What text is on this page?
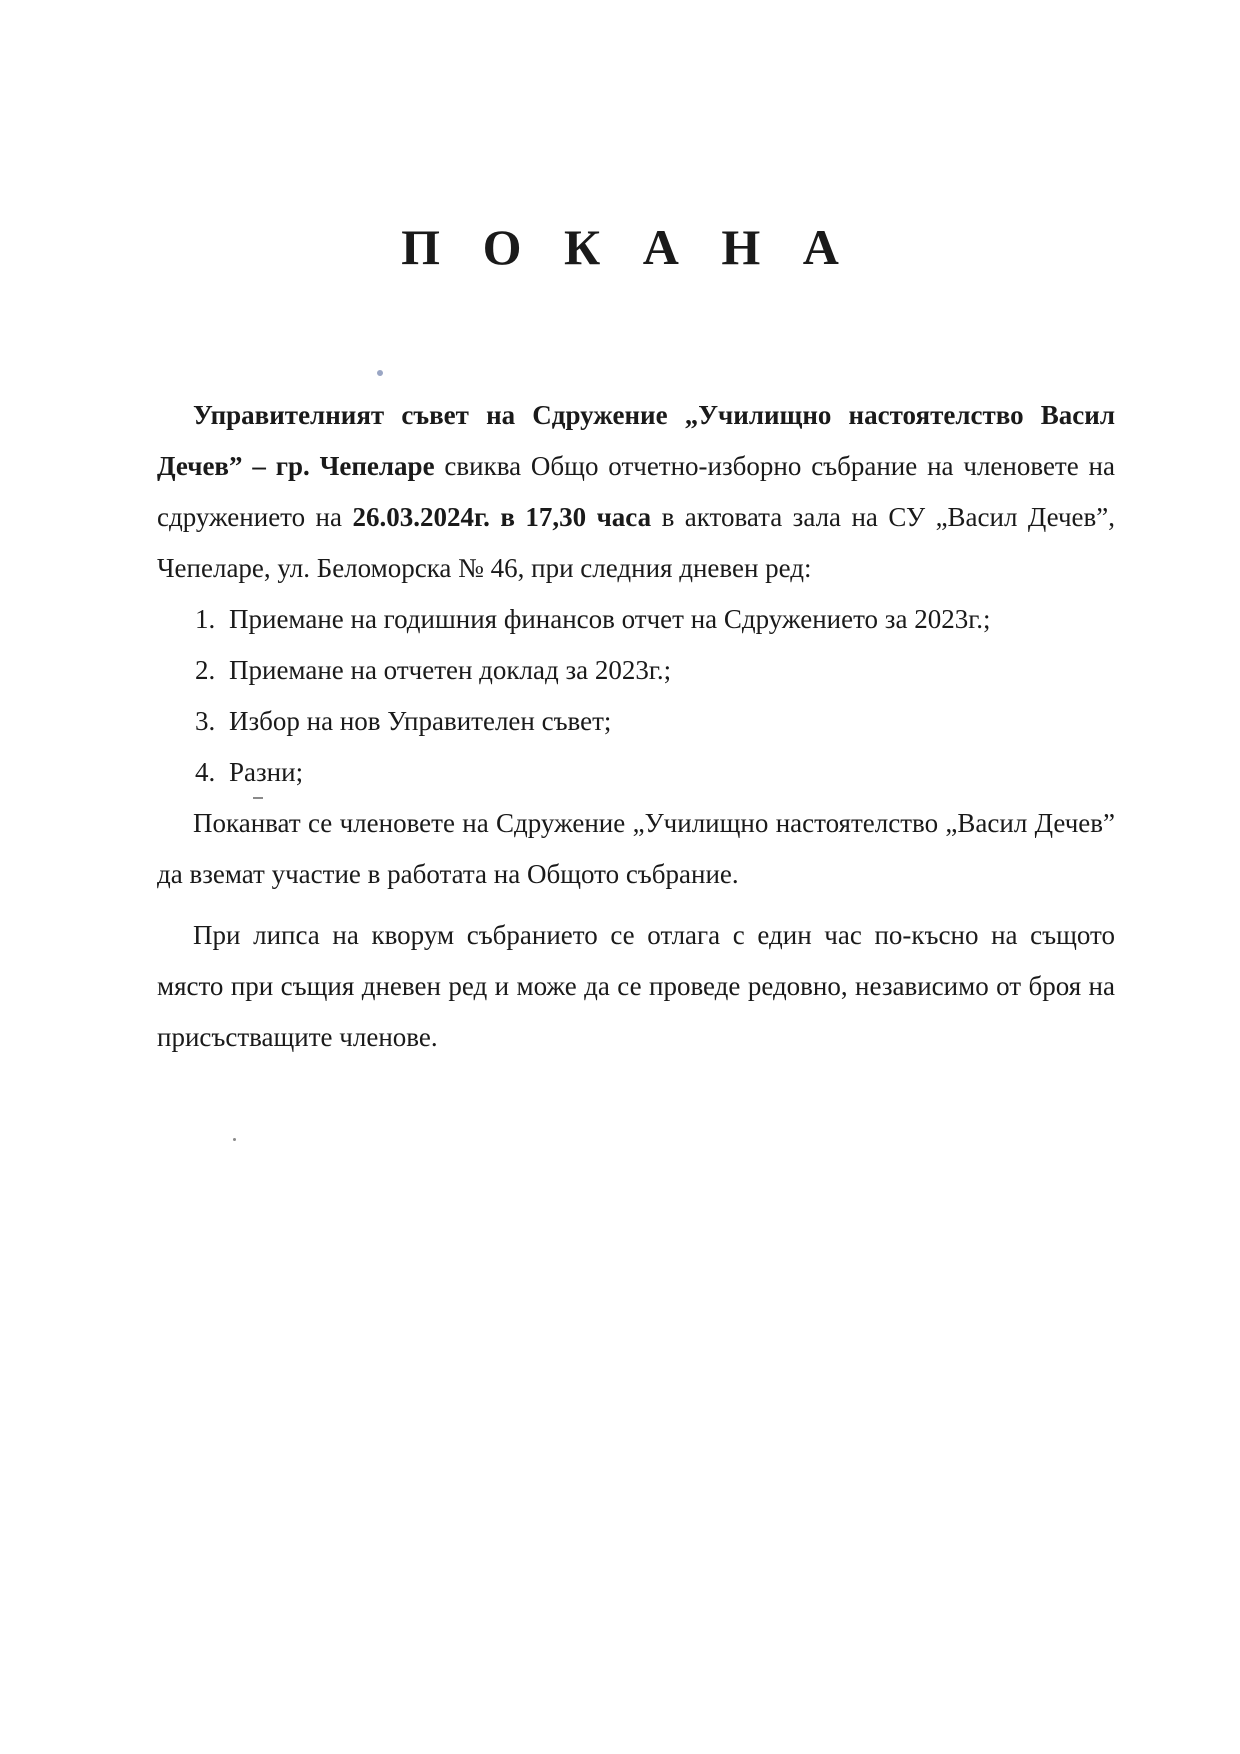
П О К А Н А

Управителният съвет на Сдружение „Училищно настоятелство Васил Дечев” – гр. Чепеларе свиква Общо отчетно-изборно събрание на членовете на сдружението на 26.03.2024г. в 17,30 часа в актовата зала на СУ „Васил Дечев”, Чепеларе, ул. Беломорска № 46, при следния дневен ред:

1. Приемане на годишния финансов отчет на Сдружението за 2023г.;
2. Приемане на отчетен доклад за 2023г.;
3. Избор на нов Управителен съвет;
4. Разни;

Поканват се членовете на Сдружение „Училищно настоятелство „Васил Дечев” да вземат участие в работата на Общото събрание.

При липса на кворум събранието се отлага с един час по-късно на същото място при същия дневен ред и може да се проведе редовно, независимо от броя на присъстващите членове.
